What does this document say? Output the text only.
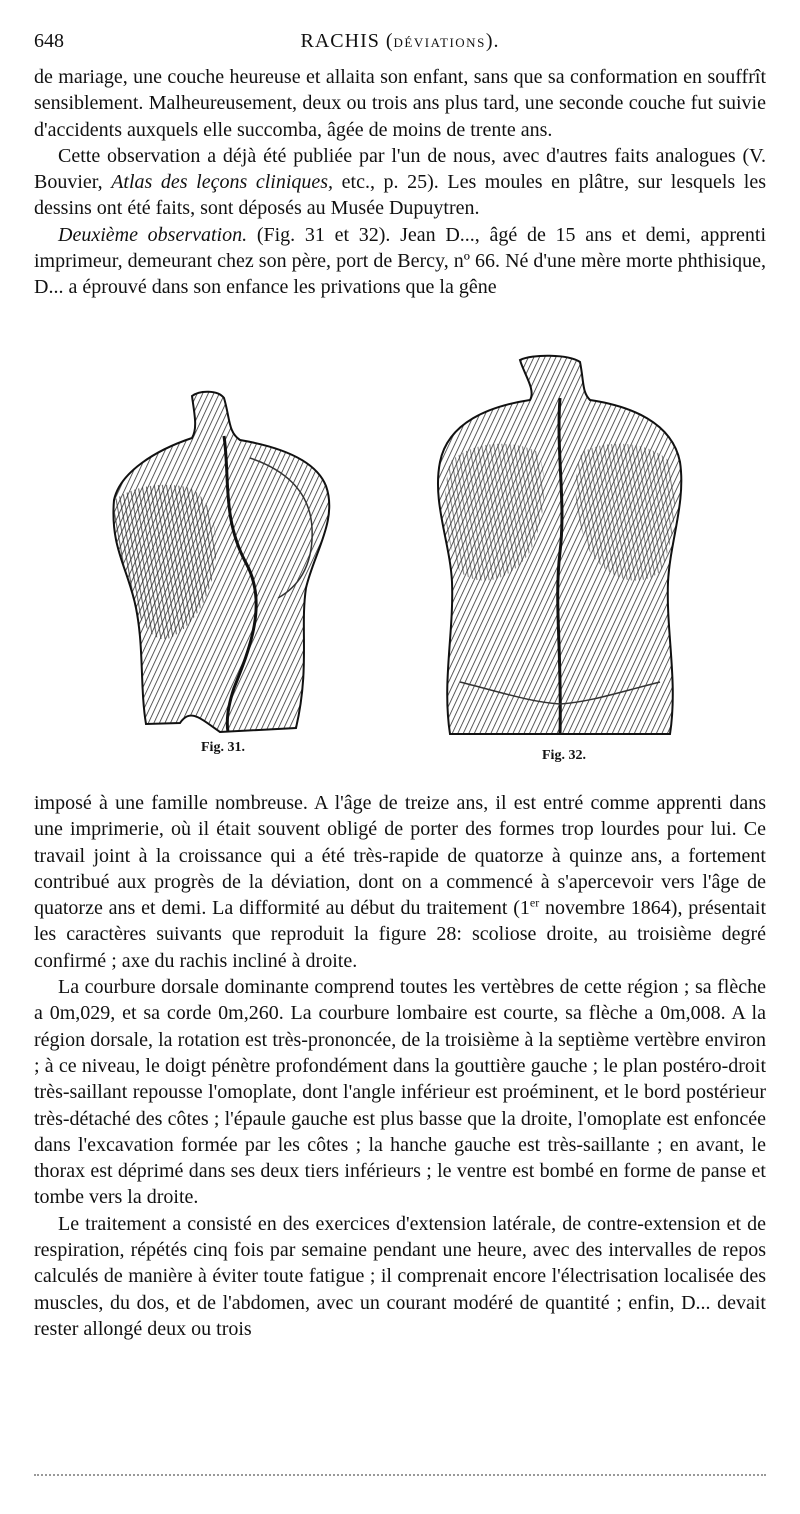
648	RACHIS (DÉVIATIONS).

de mariage, une couche heureuse et allaita son enfant, sans que sa conformation en souffrît sensiblement. Malheureusement, deux ou trois ans plus tard, une seconde couche fut suivie d'accidents auxquels elle succomba, âgée de moins de trente ans.

Cette observation a déjà été publiée par l'un de nous, avec d'autres faits analogues (V. Bouvier, Atlas des leçons cliniques, etc., p. 25). Les moules en plâtre, sur lesquels les dessins ont été faits, sont déposés au Musée Dupuytren.

Deuxième observation. (Fig. 31 et 32). Jean D..., âgé de 15 ans et demi, apprenti imprimeur, demeurant chez son père, port de Bercy, nº 66. Né d'une mère morte phthisique, D... a éprouvé dans son enfance les privations que la gêne

Fig. 31.
Fig. 32.

imposé à une famille nombreuse. A l'âge de treize ans, il est entré comme apprenti dans une imprimerie, où il était souvent obligé de porter des formes trop lourdes pour lui. Ce travail joint à la croissance qui a été très-rapide de quatorze à quinze ans, a fortement contribué aux progrès de la déviation, dont on a commencé à s'apercevoir vers l'âge de quatorze ans et demi. La difformité au début du traitement (1er novembre 1864), présentait les caractères suivants que reproduit la figure 28: scoliose droite, au troisième degré confirmé ; axe du rachis incliné à droite.

La courbure dorsale dominante comprend toutes les vertèbres de cette région ; sa flèche a 0m,029, et sa corde 0m,260. La courbure lombaire est courte, sa flèche a 0m,008. A la région dorsale, la rotation est très-prononcée, de la troisième à la septième vertèbre environ ; à ce niveau, le doigt pénètre profondément dans la gouttière gauche ; le plan postéro-droit très-saillant repousse l'omoplate, dont l'angle inférieur est proéminent, et le bord postérieur très-détaché des côtes ; l'épaule gauche est plus basse que la droite, l'omoplate est enfoncée dans l'excavation formée par les côtes ; la hanche gauche est très-saillante ; en avant, le thorax est déprimé dans ses deux tiers inférieurs ; le ventre est bombé en forme de panse et tombe vers la droite.

Le traitement a consisté en des exercices d'extension latérale, de contre-extension et de respiration, répétés cinq fois par semaine pendant une heure, avec des intervalles de repos calculés de manière à éviter toute fatigue ; il comprenait encore l'électrisation localisée des muscles, du dos, et de l'abdomen, avec un courant modéré de quantité ; enfin, D... devait rester allongé deux ou trois
